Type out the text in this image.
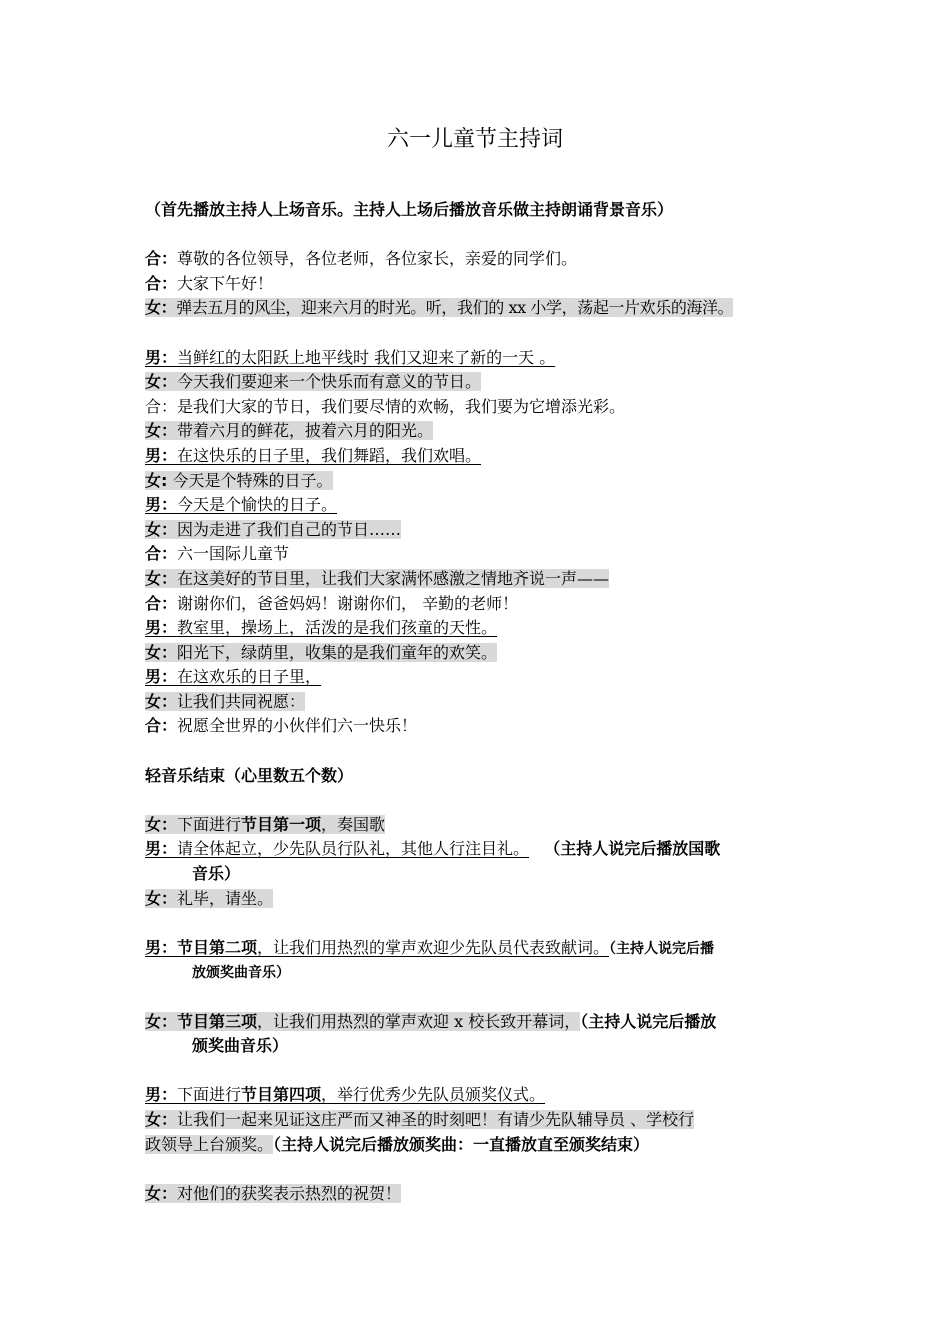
六一儿童节主持词
（首先播放主持人上场音乐。主持人上场后播放音乐做主持朗诵背景音乐）
合：尊敬的各位领导，各位老师，各位家长，亲爱的同学们。
合：大家下午好！
女：弹去五月的风尘，迎来六月的时光。听，我们的 xx 小学，荡起一片欢乐的海洋。
男：当鲜红的太阳跃上地平线时 我们又迎来了新的一天 。
女：今天我们要迎来一个快乐而有意义的节日。
合：是我们大家的节日，我们要尽情的欢畅，我们要为它增添光彩。
女：带着六月的鲜花，披着六月的阳光。
男：在这快乐的日子里，我们舞蹈，我们欢唱。
女: 今天是个特殊的日子。
男：今天是个愉快的日子。
女：因为走进了我们自己的节日……
合：六一国际儿童节
女：在这美好的节日里，让我们大家满怀感激之情地齐说一声——
合：谢谢你们，爸爸妈妈！谢谢你们， 辛勤的老师！
男：教室里，操场上，活泼的是我们孩童的天性。
女：阳光下，绿荫里，收集的是我们童年的欢笑。
男：在这欢乐的日子里，
女：让我们共同祝愿：
合：祝愿全世界的小伙伴们六一快乐！
轻音乐结束（心里数五个数）
女：下面进行节目第一项，奏国歌
男：请全体起立，少先队员行队礼，其他人行注目礼。 （主持人说完后播放国歌
音乐）
女：礼毕，请坐。
男：节目第二项，让我们用热烈的掌声欢迎少先队员代表致献词。（主持人说完后播
放颁奖曲音乐）
女：节目第三项，让我们用热烈的掌声欢迎 x 校长致开幕词，（主持人说完后播放
颁奖曲音乐）
男：下面进行节目第四项，举行优秀少先队员颁奖仪式。
女：让我们一起来见证这庄严而又神圣的时刻吧！有请少先队辅导员 、学校行
政领导上台颁奖。（主持人说完后播放颁奖曲：一直播放直至颁奖结束）
女：对他们的获奖表示热烈的祝贺！
